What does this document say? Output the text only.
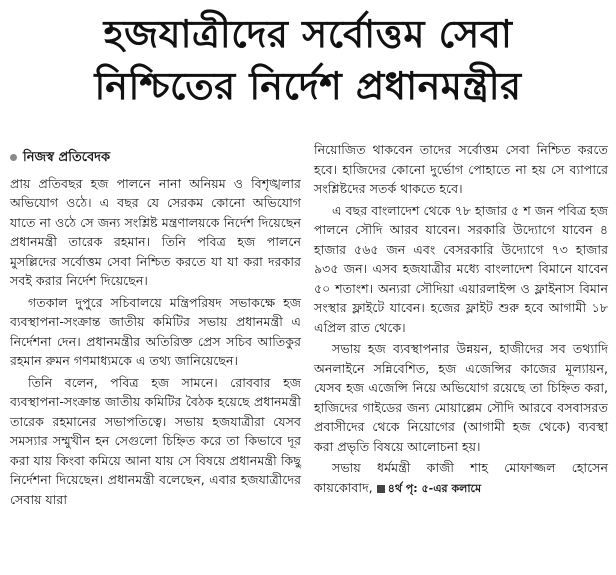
হজযাত্রীদের সর্বোত্তম সেবা
নিশ্চিতের নির্দেশ প্রধানমন্ত্রীর
নিজস্ব প্রতিবেদক

প্রায় প্রতিবছর হজ পালনে নানা অনিয়ম ও বিশৃঙ্খলার অভিযোগ ওঠে। এ বছর যে সেরকম কোনো অভিযোগ যাতে না ওঠে সে জন্য সংশ্লিষ্ট মন্ত্রণালয়কে নির্দেশ দিয়েছেন প্রধানমন্ত্রী তারেক রহমান। তিনি পবিত্র হজ পালনে মুসল্লিদের সর্বোত্তম সেবা নিশ্চিত করতে যা যা করা দরকার সবই করার নির্দেশ দিয়েছেন।

গতকাল দুপুরে সচিবালয়ে মন্ত্রিপরিষদ সভাকক্ষে হজ ব্যবস্থাপনা-সংক্রান্ত জাতীয় কমিটির সভায় প্রধানমন্ত্রী এ নির্দেশনা দেন। প্রধানমন্ত্রীর অতিরিক্ত প্রেস সচিব আতিকুর রহমান রুমন গণমাধ্যমকে এ তথ্য জানিয়েছেন।

তিনি বলেন, পবিত্র হজ সামনে। রোববার হজ ব্যবস্থাপনা-সংক্রান্ত জাতীয় কমিটির বৈঠক হয়েছে প্রধানমন্ত্রী তারেক রহমানের সভাপতিত্বে। সভায় হজযাত্রীরা যেসব সমস্যার সম্মুখীন হন সেগুলো চিহ্নিত করে তা কিভাবে দূর করা যায় কিংবা কমিয়ে আনা যায় সে বিষয়ে প্রধানমন্ত্রী কিছু নির্দেশনা দিয়েছেন। প্রধানমন্ত্রী বলেছেন, এবার হজযাত্রীদের সেবায় যারা

নিয়োজিত থাকবেন তাদের সর্বোত্তম সেবা নিশ্চিত করতে হবে। হাজিদের কোনো দুর্ভোগ পোহাতে না হয় সে ব্যাপারে সংশ্লিষ্টদের সতর্ক থাকতে হবে।

এ বছর বাংলাদেশ থেকে ৭৮ হাজার ৫ শ জন পবিত্র হজ পালনে সৌদি আরব যাবেন। সরকারি উদ্যোগে যাবেন ৪ হাজার ৫৬৫ জন এবং বেসরকারি উদ্যোগে ৭৩ হাজার ৯৩৫ জন। এসব হজযাত্রীর মধ্যে বাংলাদেশ বিমানে যাবেন ৫০ শতাংশ। অন্যরা সৌদিয়া এয়ারলাইন্স ও ফ্লাইনাস বিমান সংস্থার ফ্লাইটে যাবেন। হজের ফ্লাইট শুরু হবে আগামী ১৮ এপ্রিল রাত থেকে।

সভায় হজ ব্যবস্থাপনার উন্নয়ন, হাজীদের সব তথ্যাদি অনলাইনে সন্নিবেশিত, হজ এজেন্সির কাজের মূল্যায়ন, যেসব হজ এজেন্সি নিয়ে অভিযোগ রয়েছে তা চিহ্নিত করা, হাজিদের গাইডের জন্য মোয়াল্লেম সৌদি আরবে বসবাসরত প্রবাসীদের থেকে নিয়োগের (আগামী হজ থেকে) ব্যবস্থা করা প্রভৃতি বিষয়ে আলোচনা হয়।

সভায় ধর্মমন্ত্রী কাজী শাহ মোফাজ্জল হোসেন কায়কোবাদ, ৪র্থ পৃ: ৫-এর কলামে
